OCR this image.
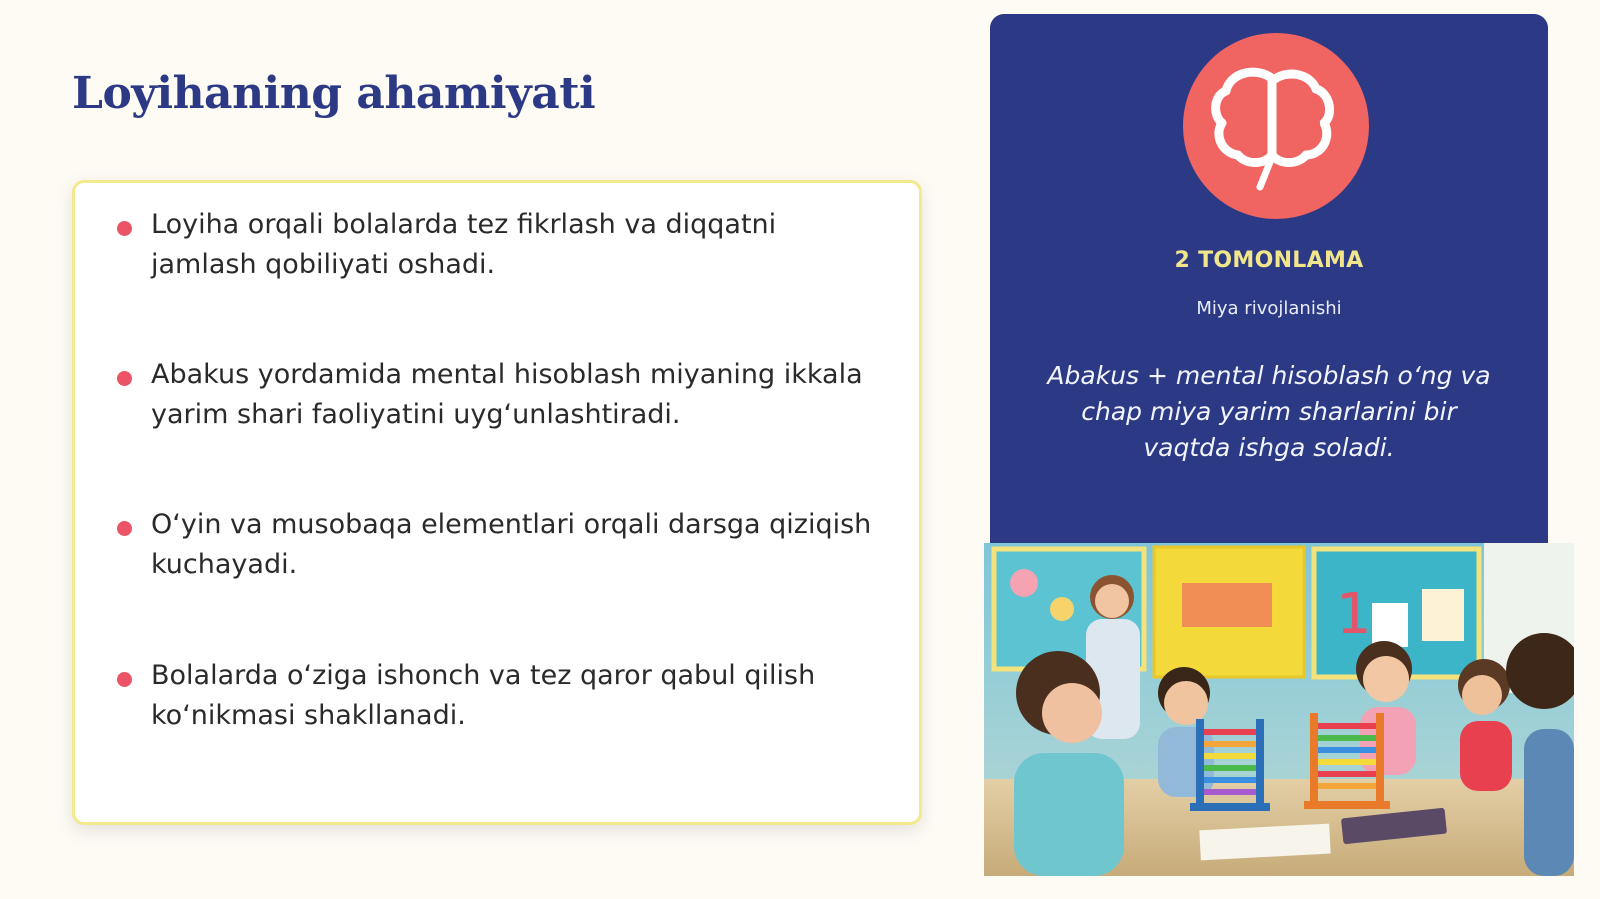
Loyihaning ahamiyati
Loyiha orqali bolalarda tez fikrlash va diqqatni jamlash qobiliyati oshadi.
Abakus yordamida mental hisoblash miyaning ikkala yarim shari faoliyatini uyg‘unlashtiradi.
O‘yin va musobaqa elementlari orqali darsga qiziqish kuchayadi.
Bolalarda o‘ziga ishonch va tez qaror qabul qilish ko‘nikmasi shakllanadi.
2 TOMONLAMA
Miya rivojlanishi
Abakus + mental hisoblash o‘ng va chap miya yarim sharlarini bir vaqtda ishga soladi.
1
